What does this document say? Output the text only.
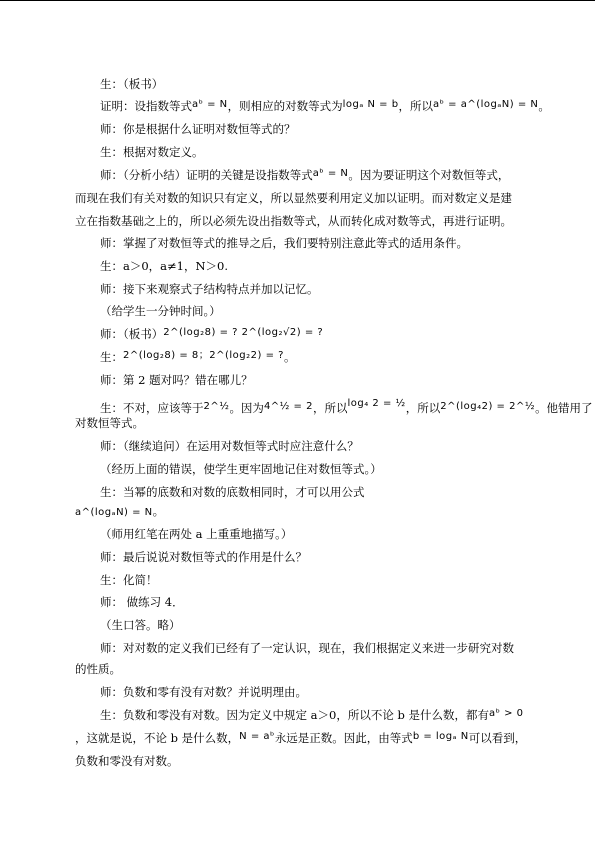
生：（板书）
证明：设指数等式aᵇ = N，则相应的对数等式为logₐ N = b，所以aᵇ = a^(logₐN) = N。
师：你是根据什么证明对数恒等式的？
生：根据对数定义。
师：（分析小结）证明的关键是设指数等式aᵇ = N。因为要证明这个对数恒等式，
而现在我们有关对数的知识只有定义，所以显然要利用定义加以证明。而对数定义是建
立在指数基础之上的，所以必须先设出指数等式，从而转化成对数等式，再进行证明。
师：掌握了对数恒等式的推导之后，我们要特别注意此等式的适用条件。
生：a＞0，a≠1，N＞0.
师：接下来观察式子结构特点并加以记忆。
（给学生一分钟时间。）
师：（板书）2^(log₂8) = ? 2^(log₂√2) = ?
生：2^(log₂8) = 8；2^(log₂2) = ?。
师：第 2 题对吗？错在哪儿？
生：不对，应该等于2^½。因为4^½ = 2，所以log₄ 2 = ½，所以2^(log₄2) = 2^½。他错用了
对数恒等式。
师：（继续追问）在运用对数恒等式时应注意什么？
（经历上面的错误，使学生更牢固地记住对数恒等式。）
生：当幂的底数和对数的底数相同时，才可以用公式
a^(logₐN) = N。
（师用红笔在两处 a 上重重地描写。）
师：最后说说对数恒等式的作用是什么？
生：化简！
师： 做练习 4．
（生口答。略）
师：对对数的定义我们已经有了一定认识，现在，我们根据定义来进一步研究对数
的性质。
师：负数和零有没有对数？并说明理由。
生：负数和零没有对数。因为定义中规定 a＞0，所以不论 b 是什么数，都有aᵇ > 0
，这就是说，不论 b 是什么数，N = aᵇ永远是正数。因此，由等式b = logₐ N可以看到，
负数和零没有对数。
